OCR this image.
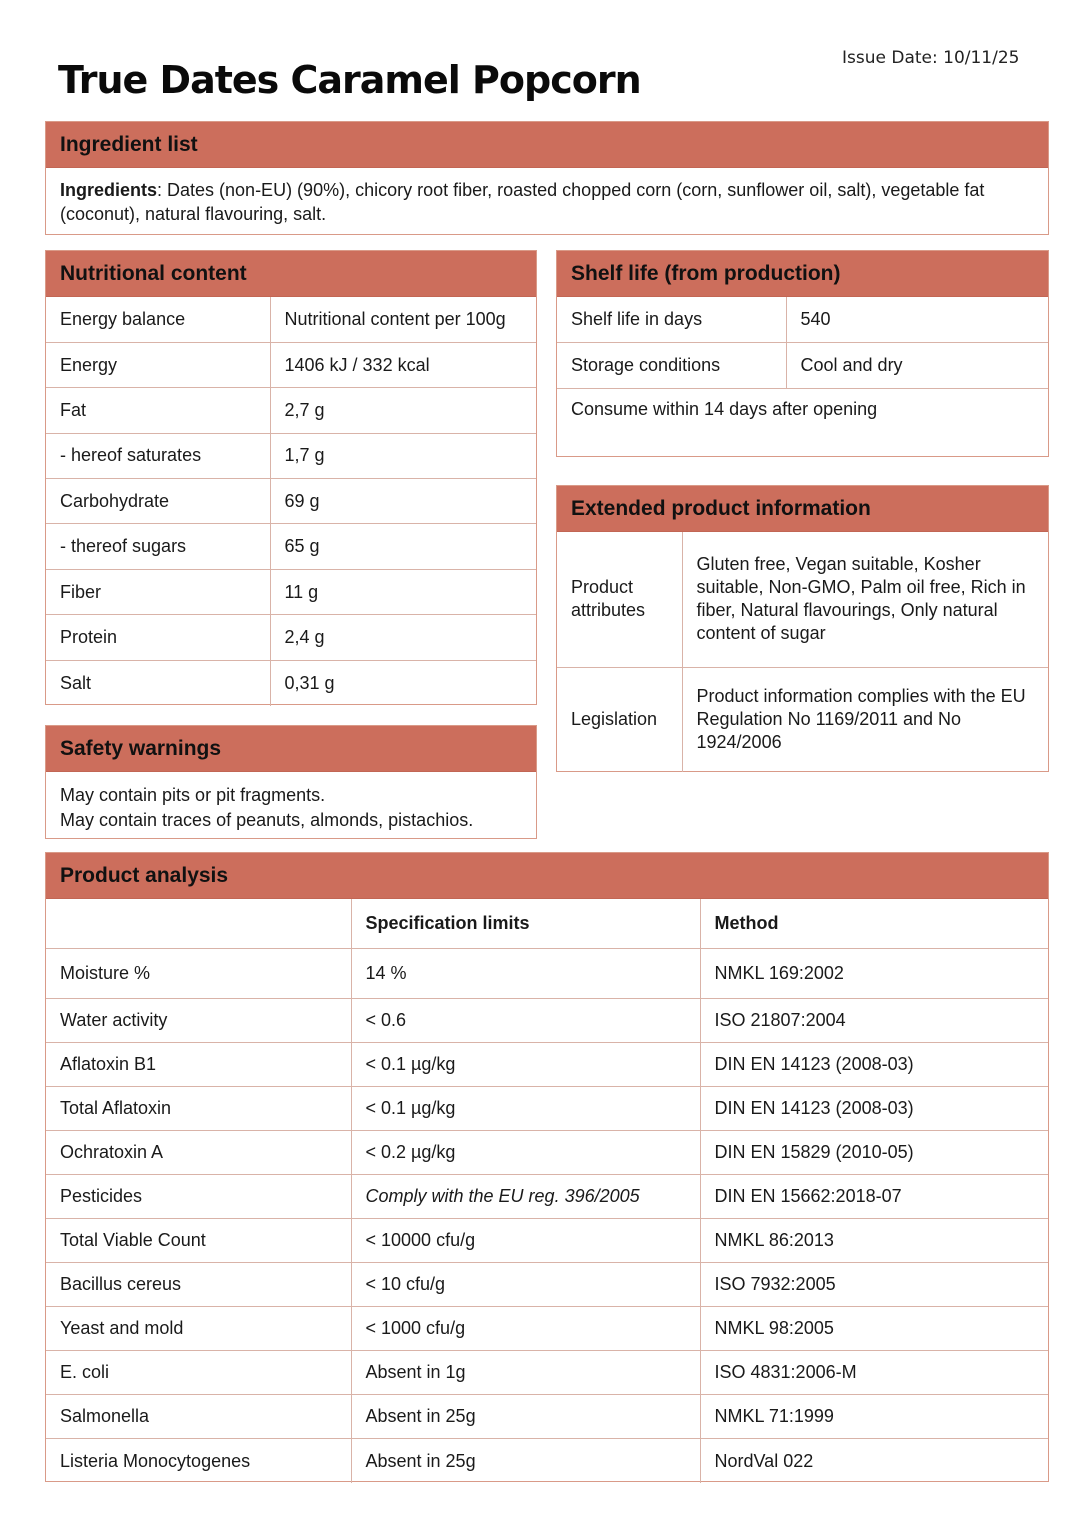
Issue Date: 10/11/25
True Dates Caramel Popcorn
Ingredient list
Ingredients: Dates (non-EU) (90%), chicory root fiber, roasted chopped corn (corn, sunflower oil, salt), vegetable fat (coconut), natural flavouring, salt.
Nutritional content
Energy balance	Nutritional content per 100g
Energy	1406 kJ / 332 kcal
Fat	2,7 g
- hereof saturates	1,7 g
Carbohydrate	69 g
- thereof sugars	65 g
Fiber	11 g
Protein	2,4 g
Salt	0,31 g
Shelf life (from production)
Shelf life in days	540
Storage conditions	Cool and dry
Consume within 14 days after opening
Extended product information
Product attributes	Gluten free, Vegan suitable, Kosher suitable, Non-GMO, Palm oil free, Rich in fiber, Natural flavourings, Only natural content of sugar
Legislation	Product information complies with the EU Regulation No 1169/2011 and No 1924/2006
Safety warnings
May contain pits or pit fragments.
May contain traces of peanuts, almonds, pistachios.
Product analysis
	Specification limits	Method
Moisture %	14 %	NMKL 169:2002
Water activity	< 0.6	ISO 21807:2004
Aflatoxin B1	< 0.1 µg/kg	DIN EN 14123 (2008-03)
Total Aflatoxin	< 0.1 µg/kg	DIN EN 14123 (2008-03)
Ochratoxin A	< 0.2 µg/kg	DIN EN 15829 (2010-05)
Pesticides	Comply with the EU reg. 396/2005	DIN EN 15662:2018-07
Total Viable Count	< 10000 cfu/g	NMKL 86:2013
Bacillus cereus	< 10 cfu/g	ISO 7932:2005
Yeast and mold	< 1000 cfu/g	NMKL 98:2005
E. coli	Absent in 1g	ISO 4831:2006-M
Salmonella	Absent in 25g	NMKL 71:1999
Listeria Monocytogenes	Absent in 25g	NordVal 022
